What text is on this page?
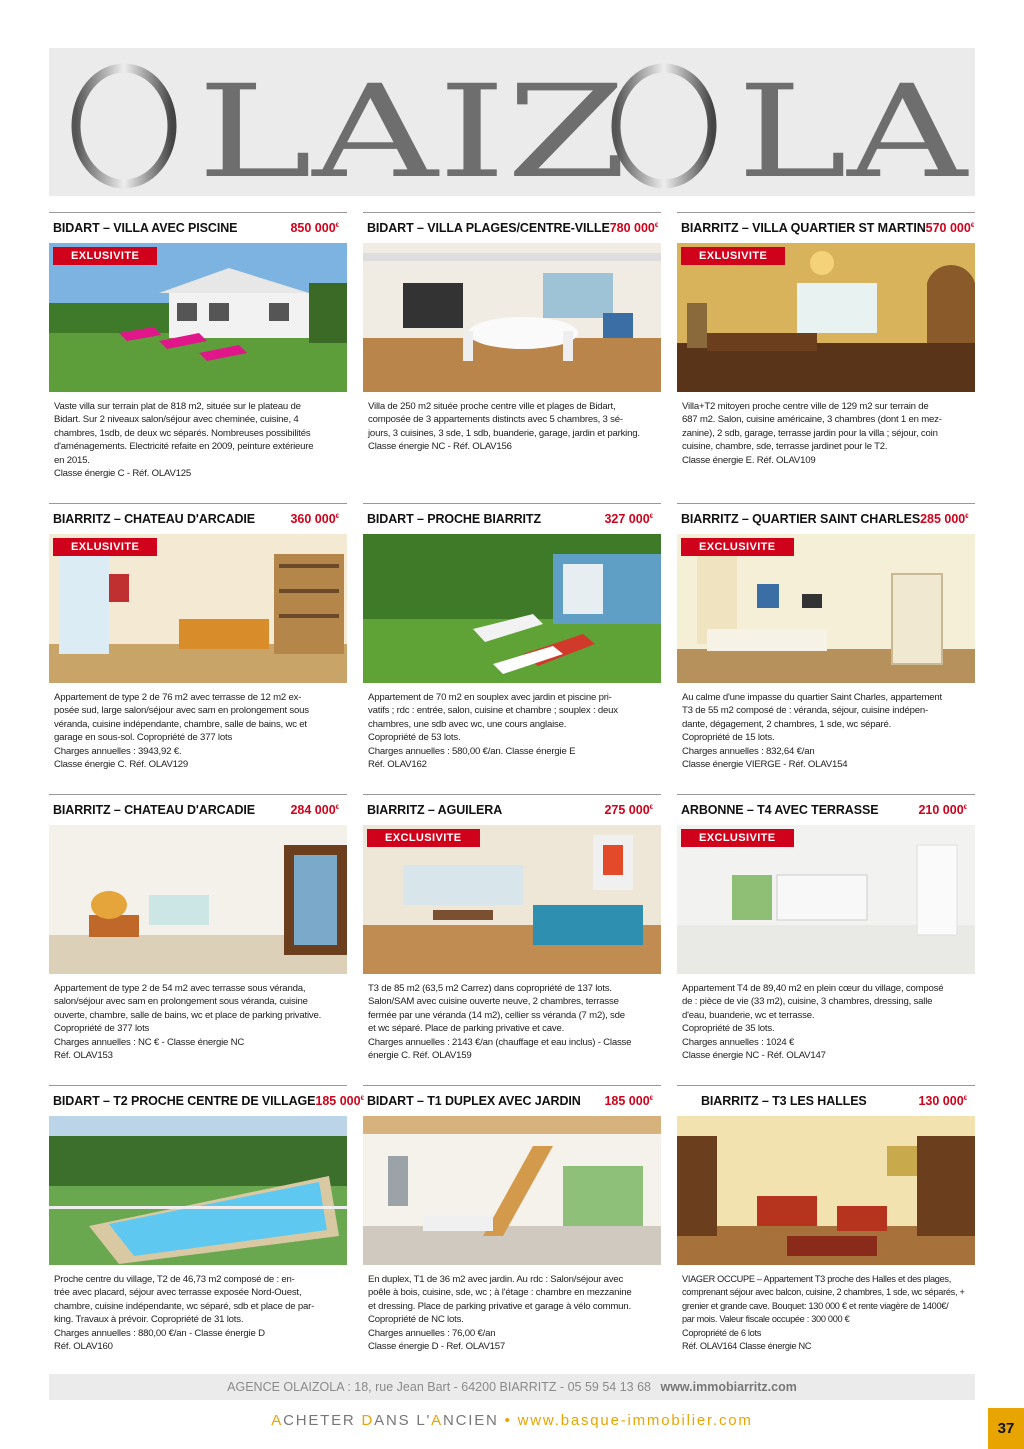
LAIZ LA
BIDART – VILLA AVEC PISCINE	850 000€
EXLUSIVITE

Vaste villa sur terrain plat de 818 m2, située sur le plateau de

Bidart. Sur 2 niveaux salon/séjour avec cheminée, cuisine, 4

chambres, 1sdb, de deux wc séparés. Nombreuses possibilités

d'aménagements. Electricité refaite en 2009, peinture extérieure

en 2015.

Classe énergie C - Réf. OLAV125

BIDART – VILLA PLAGES/CENTRE-VILLE 780 000€

Villa de 250 m2 située proche centre ville et plages de Bidart,

composée de 3 appartements distincts avec 5 chambres, 3 sé-

jours, 3 cuisines, 3 sde, 1 sdb, buanderie, garage, jardin et parking.

Classe énergie NC - Réf. OLAV156

BIARRITZ – VILLA QUARTIER ST MARTIN 570 000€
EXLUSIVITE

Villa+T2 mitoyen proche centre ville de 129 m2 sur terrain de

687 m2. Salon, cuisine américaine, 3 chambres (dont 1 en mez-

zanine), 2 sdb, garage, terrasse jardin pour la villa ; séjour, coin

cuisine, chambre, sde, terrasse jardinet pour le T2.

Classe énergie E. Réf. OLAV109

BIARRITZ – CHATEAU D'ARCADIE	360 000€
EXLUSIVITE

Appartement de type 2 de 76 m2 avec terrasse de 12 m2 ex-

posée sud, large salon/séjour avec sam en prolongement sous

véranda, cuisine indépendante, chambre, salle de bains, wc et

garage en sous-sol. Copropriété de 377 lots

Charges annuelles : 3943,92 €.

Classe énergie C. Réf. OLAV129

BIDART – PROCHE BIARRITZ	327 000€

Appartement de 70 m2 en souplex avec jardin et piscine pri-

vatifs ; rdc : entrée, salon, cuisine et chambre ; souplex : deux

chambres, une sdb avec wc, une cours anglaise.

Copropriété de 53 lots.

Charges annuelles : 580,00 €/an. Classe énergie E

Réf. OLAV162

BIARRITZ – QUARTIER SAINT CHARLES 285 000€
EXCLUSIVITE

Au calme d'une impasse du quartier Saint Charles, appartement

T3 de 55 m2 composé de : véranda, séjour, cuisine indépen-

dante, dégagement, 2 chambres, 1 sde, wc séparé.

Copropriété de 15 lots.

Charges annuelles : 832,64 €/an

Classe énergie VIERGE - Réf. OLAV154

BIARRITZ – CHATEAU D'ARCADIE	284 000€

Appartement de type 2 de 54 m2 avec terrasse sous véranda,

salon/séjour avec sam en prolongement sous véranda, cuisine

ouverte, chambre, salle de bains, wc et place de parking privative.

Copropriété de 377 lots

Charges annuelles : NC € - Classe énergie NC

Réf. OLAV153

BIARRITZ – AGUILERA	275 000€
EXCLUSIVITE

T3 de 85 m2 (63,5 m2 Carrez) dans copropriété de 137 lots.

Salon/SAM avec cuisine ouverte neuve, 2 chambres, terrasse

fermée par une véranda (14 m2), cellier ss véranda (7 m2), sde

et wc séparé. Place de parking privative et cave.

Charges annuelles : 2143 €/an (chauffage et eau inclus) - Classe

énergie C. Réf. OLAV159

ARBONNE – T4 AVEC TERRASSE	210 000€
EXCLUSIVITE

Appartement T4 de 89,40 m2 en plein cœur du village, composé

de : pièce de vie (33 m2), cuisine, 3 chambres, dressing, salle

d'eau, buanderie, wc et terrasse.

Copropriété de 35 lots.

Charges annuelles : 1024 €

Classe énergie NC - Réf. OLAV147

BIDART – T2 PROCHE CENTRE DE VILLAGE 185 000€

Proche centre du village, T2 de 46,73 m2 composé de : en-

trée avec placard, séjour avec terrasse exposée Nord-Ouest,

chambre, cuisine indépendante, wc séparé, sdb et place de par-

king. Travaux à prévoir. Copropriété de 31 lots.

Charges annuelles : 880,00 €/an - Classe énergie D

Réf. OLAV160

BIDART – T1 DUPLEX AVEC JARDIN 185 000€

En duplex, T1 de 36 m2 avec jardin. Au rdc : Salon/séjour avec

poêle à bois, cuisine, sde, wc ; à l'étage : chambre en mezzanine

et dressing. Place de parking privative et garage à vélo commun.

Copropriété de NC lots.

Charges annuelles : 76,00 €/an

Classe énergie D - Ref. OLAV157

BIARRITZ – T3 LES HALLES	130 000€

VIAGER OCCUPE – Appartement T3 proche des Halles et des plages,

comprenant séjour avec balcon, cuisine, 2 chambres, 1 sde, wc séparés, +

grenier et grande cave. Bouquet: 130 000 € et rente viagère de 1400€/

par mois. Valeur fiscale occupée : 300 000 €

Copropriété de 6 lots

Réf. OLAV164 Classe énergie NC

AGENCE OLAIZOLA : 18, rue Jean Bart - 64200 BIARRITZ - 05 59 54 13 68 www.immobiarritz.com
ACHETER DANS L'ANCIEN • www.basque-immobilier.com	37
